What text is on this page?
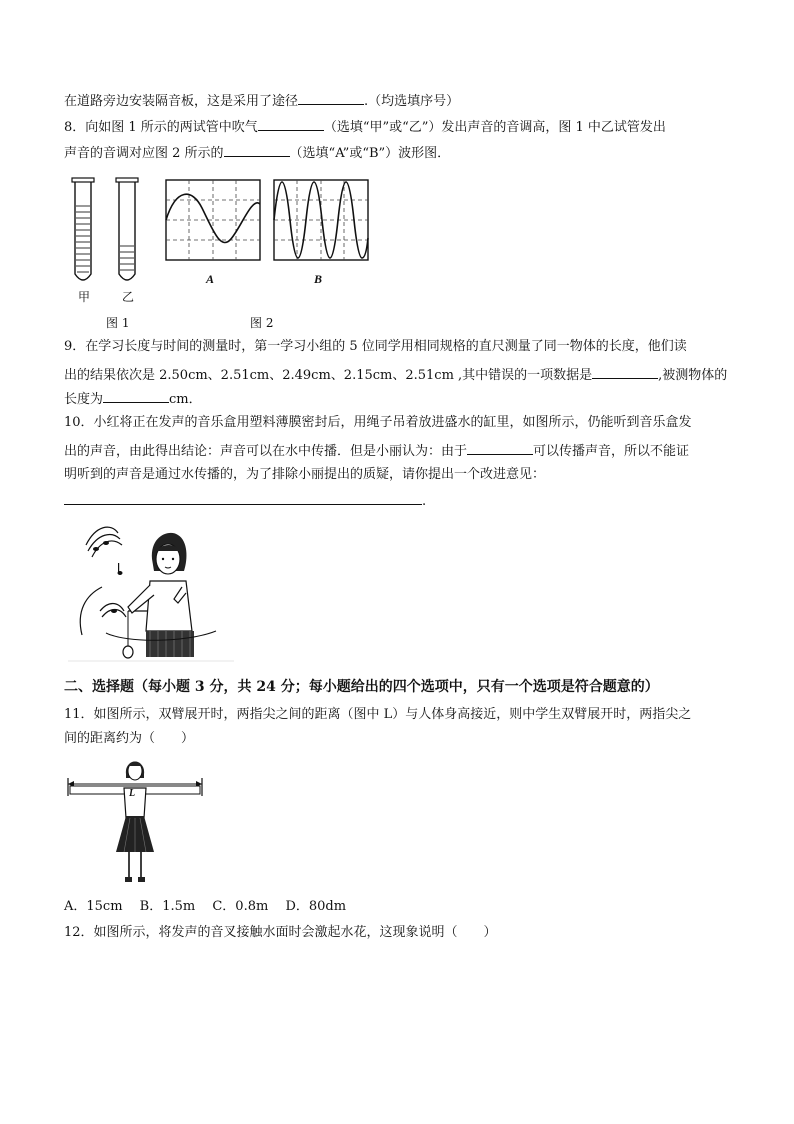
在道路旁边安装隔音板，这是采用了途径	.（均选填序号）
8．向如图 1 所示的两试管中吹气	（选填“甲”或“乙”）发出声音的音调高，图 1 中乙试管发出
声音的音调对应图 2 所示的	（选填“A”或“B”）波形图．
甲	乙
A	B
图 1	图 2
9．在学习长度与时间的测量时，第一学习小组的 5 位同学用相同规格的直尺测量了同一物体的长度，他们读
出的结果依次是 2.50cm、2.51cm、2.49cm、2.15cm、2.51cm ,其中错误的一项数据是	,被测物体的
长度为	cm．
10．小红将正在发声的音乐盒用塑料薄膜密封后，用绳子吊着放进盛水的缸里，如图所示，仍能听到音乐盒发
出的声音，由此得出结论：声音可以在水中传播．但是小丽认为：由于	可以传播声音，所以不能证
明听到的声音是通过水传播的，为了排除小丽提出的质疑，请你提出一个改进意见：
.
二、选择题（每小题 3 分，共 24 分；每小题给出的四个选项中，只有一个选项是符合题意的）
11．如图所示，双臂展开时，两指尖之间的距离（图中 L）与人体身高接近，则中学生双臂展开时，两指尖之
间的距离约为（　　）
L
A．15cm　 B．1.5m　 C．0.8m　 D．80dm
12．如图所示，将发声的音叉接触水面时会激起水花，这现象说明（　　）
